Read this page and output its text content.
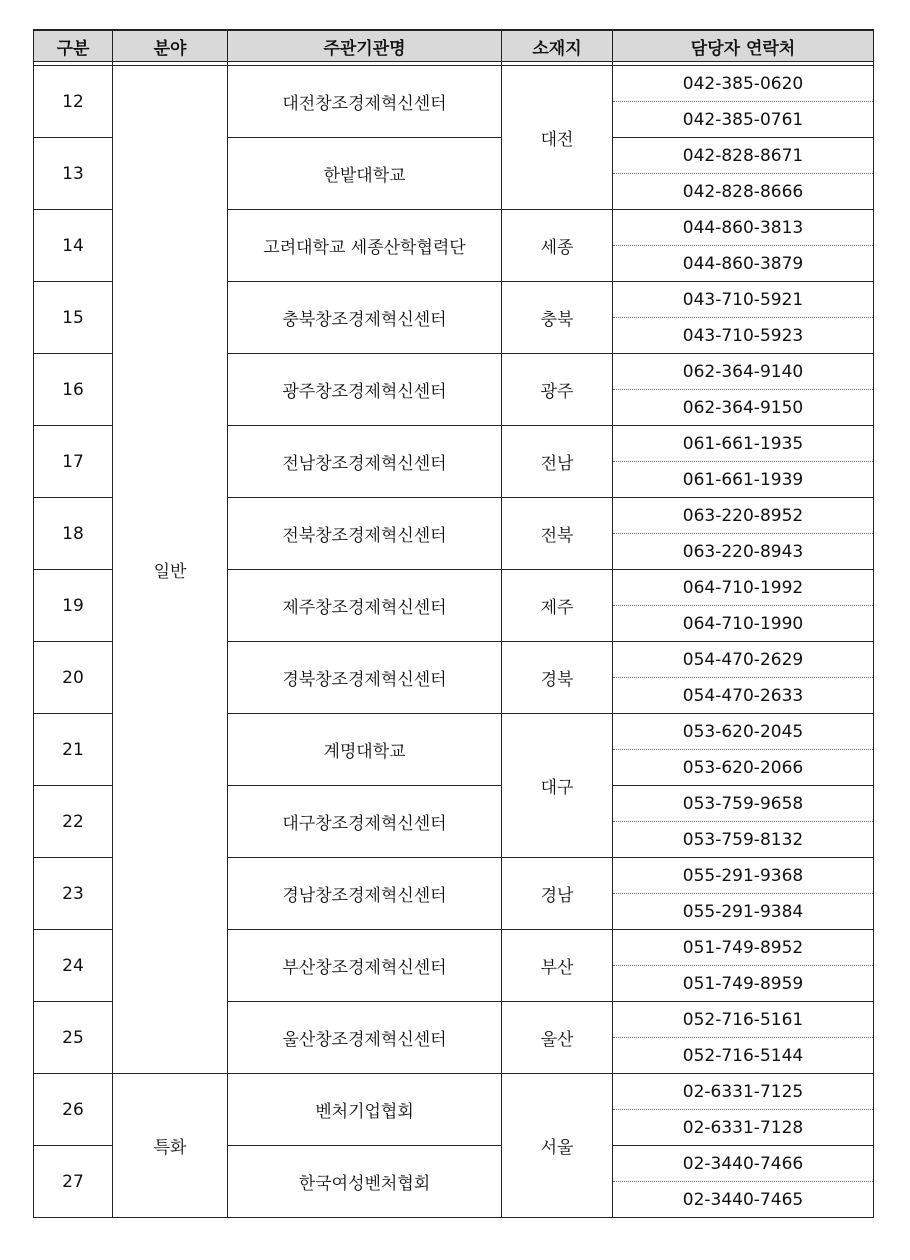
구분	분야	주관기관명	소재지	담당자 연락처

12	일반	대전창조경제혁신센터	대전	042-385-0620
				042-385-0761
13		한밭대학교		042-828-8671
				042-828-8666
14		고려대학교 세종산학협력단	세종	044-860-3813
				044-860-3879
15		충북창조경제혁신센터	충북	043-710-5921
				043-710-5923
16		광주창조경제혁신센터	광주	062-364-9140
				062-364-9150
17		전남창조경제혁신센터	전남	061-661-1935
				061-661-1939
18		전북창조경제혁신센터	전북	063-220-8952
				063-220-8943
19		제주창조경제혁신센터	제주	064-710-1992
				064-710-1990
20		경북창조경제혁신센터	경북	054-470-2629
				054-470-2633
21		계명대학교	대구	053-620-2045
				053-620-2066
22		대구창조경제혁신센터		053-759-9658
				053-759-8132
23		경남창조경제혁신센터	경남	055-291-9368
				055-291-9384
24		부산창조경제혁신센터	부산	051-749-8952
				051-749-8959
25		울산창조경제혁신센터	울산	052-716-5161
				052-716-5144
26	특화	벤처기업협회	서울	02-6331-7125
				02-6331-7128
27		한국여성벤처협회		02-3440-7466
				02-3440-7465
